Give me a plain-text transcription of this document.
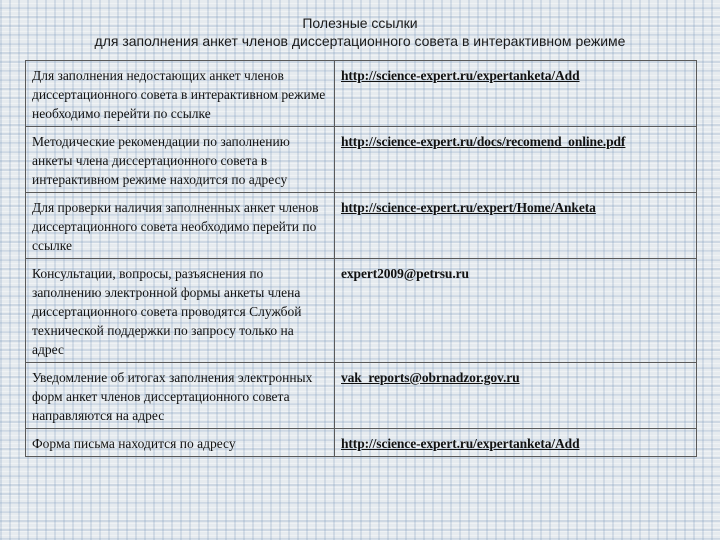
Полезные ссылки
для заполнения анкет членов диссертационного совета в интерактивном режиме
Для заполнения недостающих анкет членов диссертационного совета в интерактивном режиме необходимо перейти по ссылке	http://science-expert.ru/expertanketa/Add
Методические рекомендации по заполнению анкеты члена диссертационного совета в интерактивном режиме находится по адресу	http://science-expert.ru/docs/recomend_online.pdf
Для проверки наличия заполненных анкет членов диссертационного совета необходимо перейти по ссылке	http://science-expert.ru/expert/Home/Anketa
Консультации, вопросы, разъяснения по заполнению электронной формы анкеты члена диссертационного совета проводятся Службой технической поддержки по запросу только на адрес	expert2009@petrsu.ru
Уведомление об итогах заполнения электронных форм анкет членов диссертационного совета направляются на адрес	vak_reports@obrnadzor.gov.ru
Форма письма находится по адресу	http://science-expert.ru/expertanketa/Add
